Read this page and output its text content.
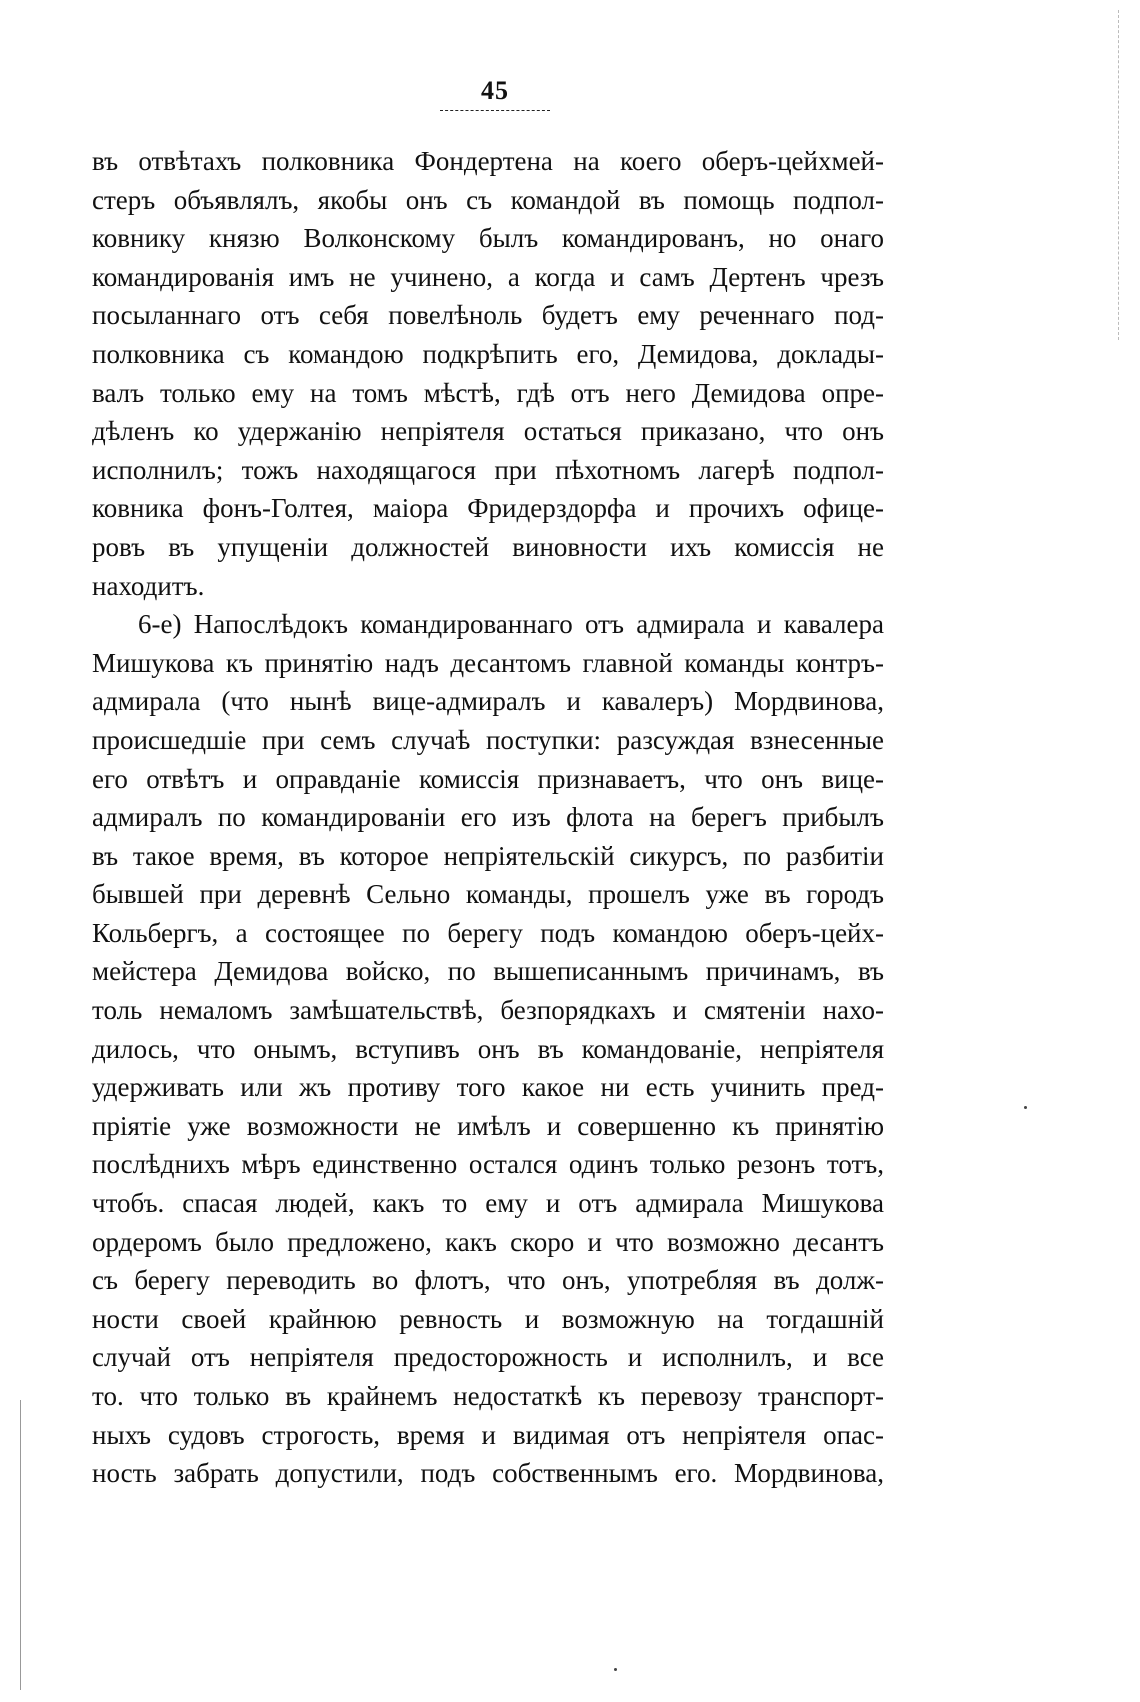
45
въ отвѣтахъ полковника Фондертена на коего оберъ-цейхмей-
стеръ объявлялъ, якобы онъ съ командой въ помощь подпол-
ковнику князю Волконскому былъ командированъ, но онаго
командированія имъ не учинено, а когда и самъ Дертенъ чрезъ
посыланнаго отъ себя повелѣноль будетъ ему реченнаго под-
полковника съ командою подкрѣпить его, Демидова, доклады-
валъ только ему на томъ мѣстѣ, гдѣ отъ него Демидова опре-
дѣленъ ко удержанію непріятеля остаться приказано, что онъ
исполнилъ; тожъ находящагося при пѣхотномъ лагерѣ подпол-
ковника фонъ-Голтея, маіора Фридерздорфа и прочихъ офице-
ровъ въ упущеніи должностей виновности ихъ комиссія не
находитъ.
6-е) Напослѣдокъ командированнаго отъ адмирала и кавалера
Мишукова къ принятію надъ десантомъ главной команды контръ-
адмирала (что нынѣ вице-адмиралъ и кавалеръ) Мордвинова,
происшедшіе при семъ случаѣ поступки: разсуждая взнесенные
его отвѣтъ и оправданіе комиссія признаваетъ, что онъ вице-
адмиралъ по командированіи его изъ флота на берегъ прибылъ
въ такое время, въ которое непріятельскій сикурсъ, по разбитіи
бывшей при деревнѣ Сельно команды, прошелъ уже въ городъ
Кольбергъ, а состоящее по берегу подъ командою оберъ-цейх-
мейстера Демидова войско, по вышеписаннымъ причинамъ, въ
толь немаломъ замѣшательствѣ, безпорядкахъ и смятеніи нахо-
дилось, что онымъ, вступивъ онъ въ командованіе, непріятеля
удерживать или жъ противу того какое ни есть учинить пред-
пріятіе уже возможности не имѣлъ и совершенно къ принятію
послѣднихъ мѣръ единственно остался одинъ только резонъ тотъ,
чтобъ. спасая людей, какъ то ему и отъ адмирала Мишукова
ордеромъ было предложено, какъ скоро и что возможно десантъ
съ берегу переводить во флотъ, что онъ, употребляя въ долж-
ности своей крайнюю ревность и возможную на тогдашній
случай отъ непріятеля предосторожность и исполнилъ, и все
то. что только въ крайнемъ недостаткѣ къ перевозу транспорт-
ныхъ судовъ строгость, время и видимая отъ непріятеля опас-
ность забрать допустили, подъ собственнымъ его. Мордвинова,
